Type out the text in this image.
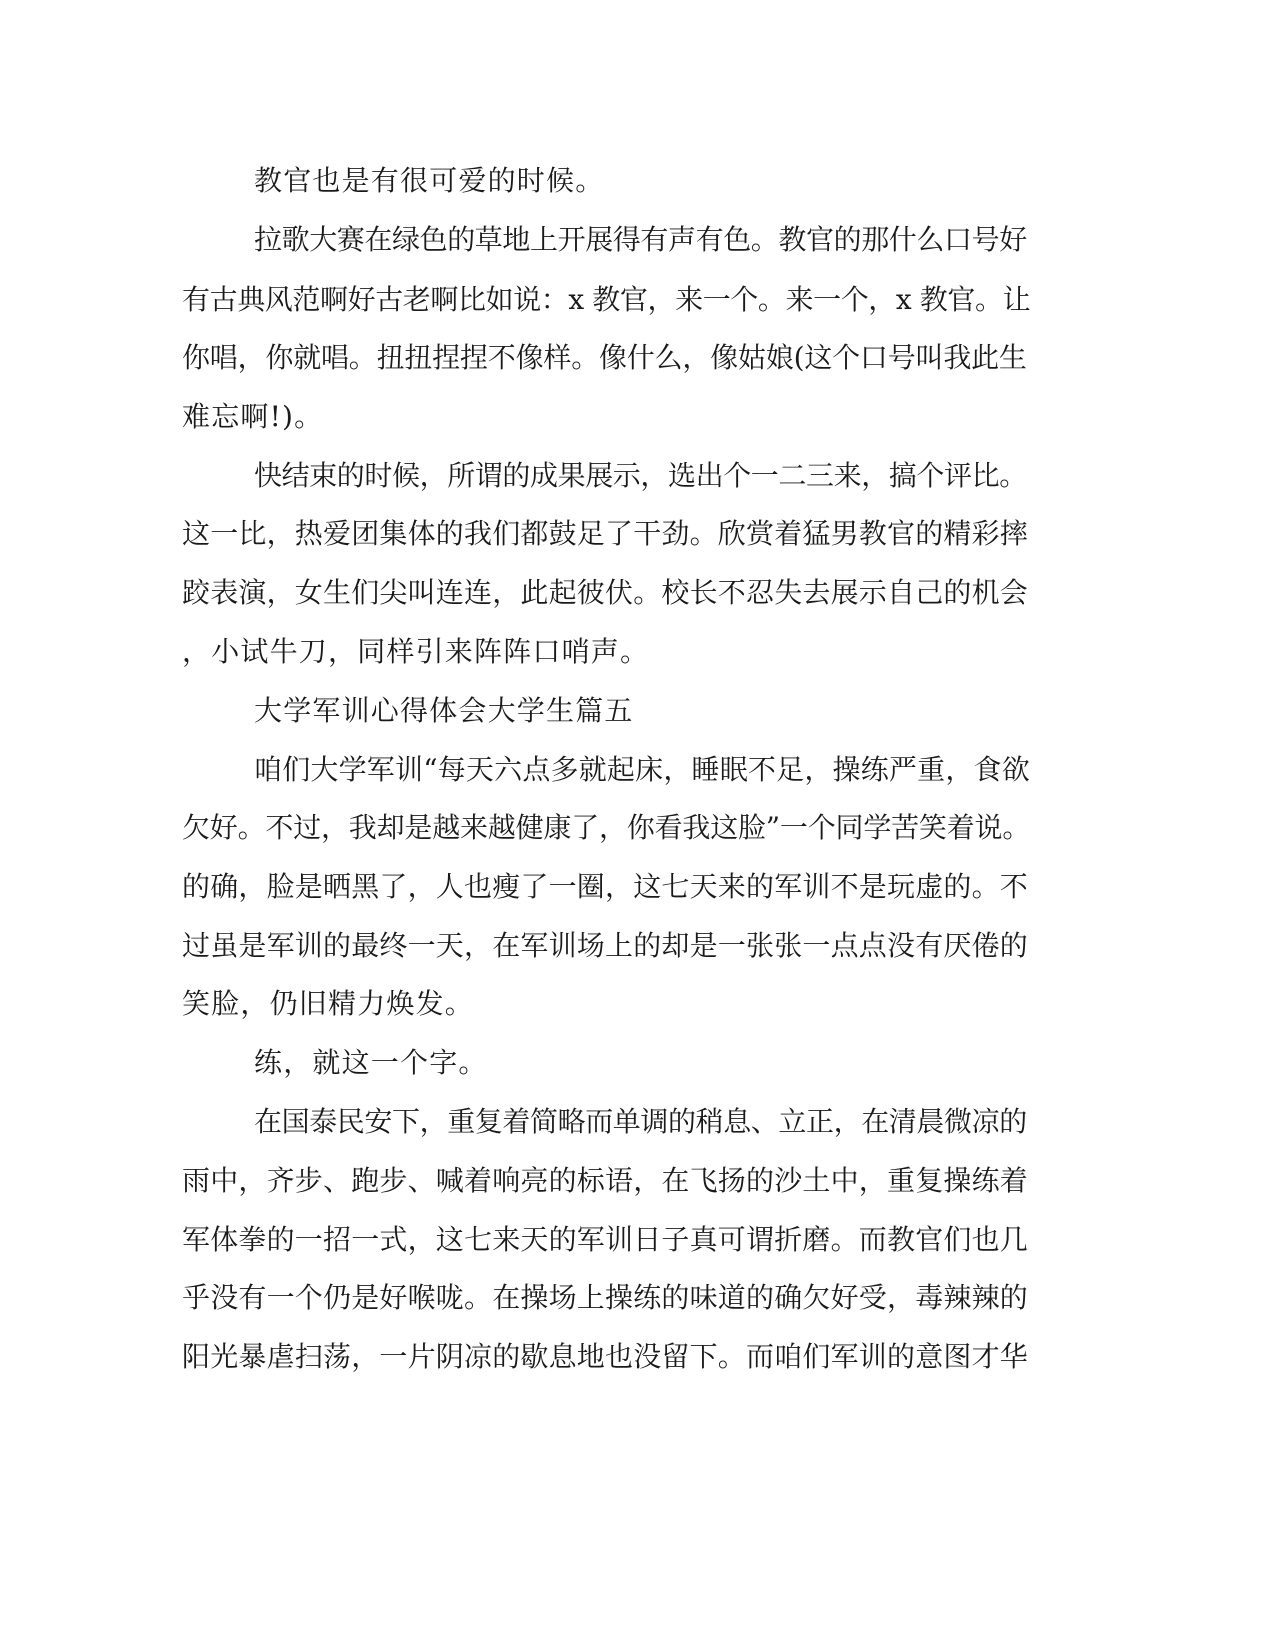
教官也是有很可爱的时候。

拉歌大赛在绿色的草地上开展得有声有色。教官的那什么口号好

有古典风范啊好古老啊比如说：x 教官，来一个。来一个，x 教官。让

你唱，你就唱。扭扭捏捏不像样。像什么，像姑娘(这个口号叫我此生

难忘啊!)。

快结束的时候，所谓的成果展示，选出个一二三来，搞个评比。

这一比，热爱团集体的我们都鼓足了干劲。欣赏着猛男教官的精彩摔

跤表演，女生们尖叫连连，此起彼伏。校长不忍失去展示自己的机会

，小试牛刀，同样引来阵阵口哨声。

大学军训心得体会大学生篇五

咱们大学军训“每天六点多就起床，睡眠不足，操练严重，食欲

欠好。不过，我却是越来越健康了，你看我这脸”一个同学苦笑着说。

的确，脸是晒黑了，人也瘦了一圈，这七天来的军训不是玩虚的。不

过虽是军训的最终一天，在军训场上的却是一张张一点点没有厌倦的

笑脸，仍旧精力焕发。

练，就这一个字。

在国泰民安下，重复着简略而单调的稍息、立正，在清晨微凉的

雨中，齐步、跑步、喊着响亮的标语，在飞扬的沙土中，重复操练着

军体拳的一招一式，这七来天的军训日子真可谓折磨。而教官们也几

乎没有一个仍是好喉咙。在操场上操练的味道的确欠好受，毒辣辣的

阳光暴虐扫荡，一片阴凉的歇息地也没留下。而咱们军训的意图才华
